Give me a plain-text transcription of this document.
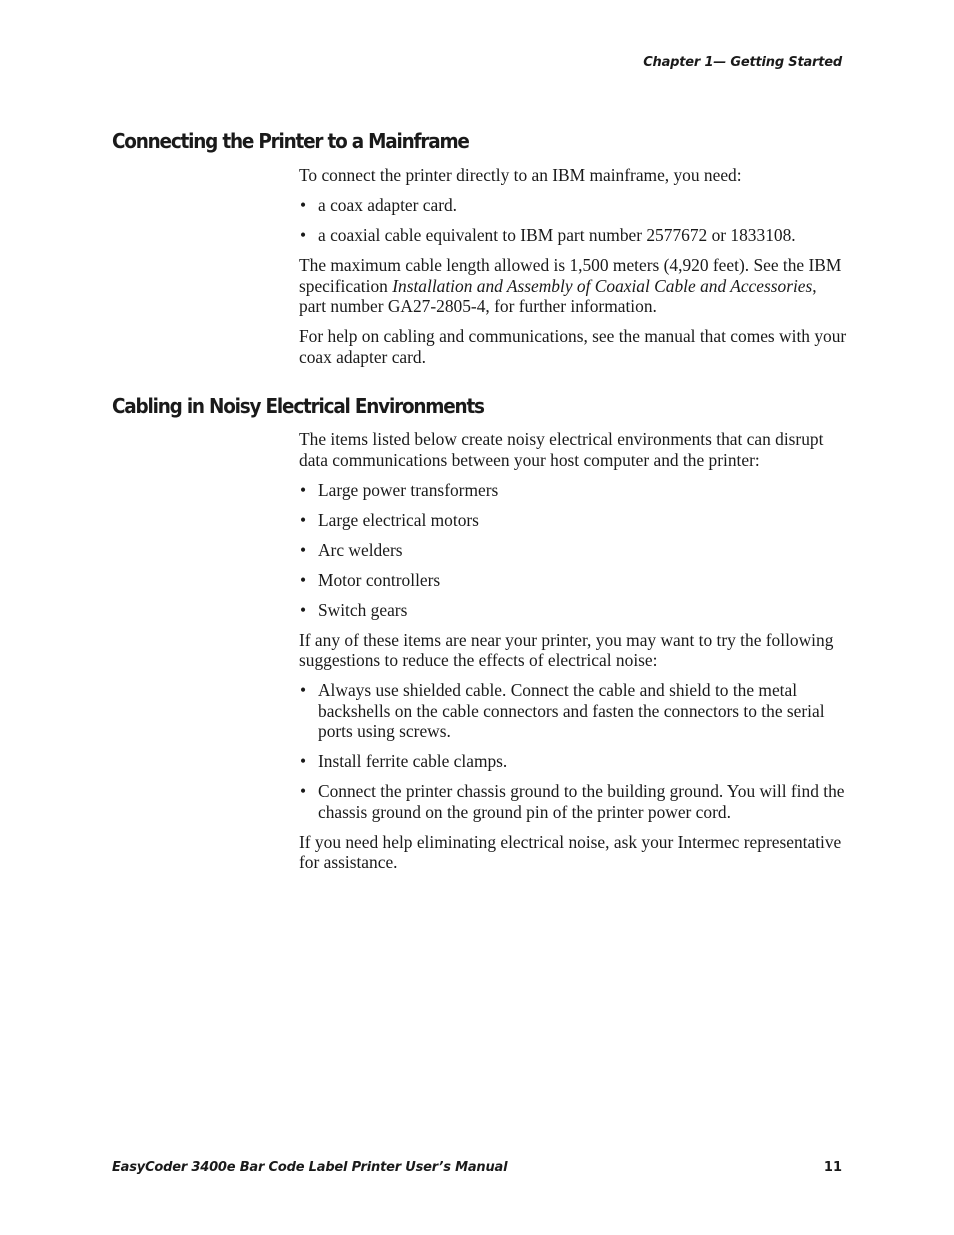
Chapter 1— Getting Started
Connecting the Printer to a Mainframe

To connect the printer directly to an IBM mainframe, you need:

• a coax adapter card.
• a coaxial cable equivalent to IBM part number 2577672 or 1833108.

The maximum cable length allowed is 1,500 meters (4,920 feet). See the IBM specification Installation and Assembly of Coaxial Cable and Accessories, part number GA27-2805-4, for further information.

For help on cabling and communications, see the manual that comes with your coax adapter card.

Cabling in Noisy Electrical Environments

The items listed below create noisy electrical environments that can disrupt data communications between your host computer and the printer:

• Large power transformers
• Large electrical motors
• Arc welders
• Motor controllers
• Switch gears

If any of these items are near your printer, you may want to try the following suggestions to reduce the effects of electrical noise:

• Always use shielded cable. Connect the cable and shield to the metal backshells on the cable connectors and fasten the connectors to the serial ports using screws.
• Install ferrite cable clamps.
• Connect the printer chassis ground to the building ground. You will find the chassis ground on the ground pin of the printer power cord.

If you need help eliminating electrical noise, ask your Intermec representative for assistance.

EasyCoder 3400e Bar Code Label Printer User’s Manual	11
